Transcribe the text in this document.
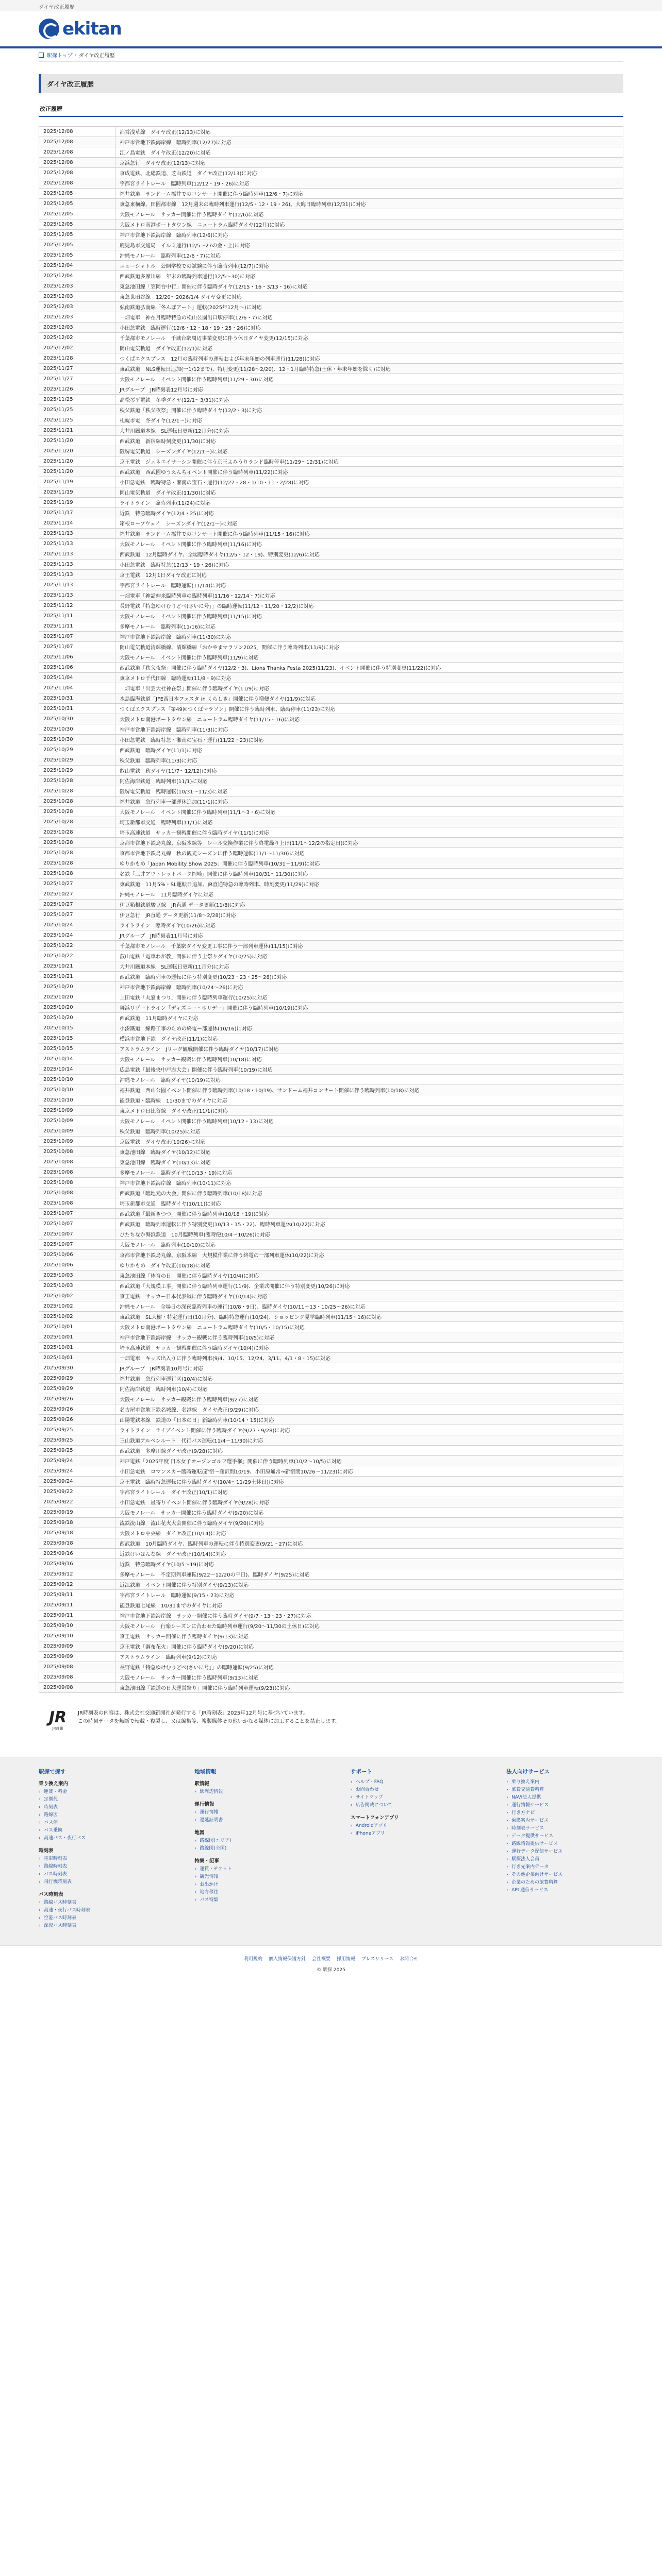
ダイヤ改正履歴
ekitan
駅探トップ › ダイヤ改正履歴
ダイヤ改正履歴
改正履歴
2025/12/08	都営浅草線　ダイヤ改正(12/13)に対応
2025/12/08	神戸市営地下鉄海岸線　臨時列車(12/27)に対応
2025/12/08	江ノ島電鉄　ダイヤ改正(12/20)に対応
2025/12/08	京浜急行　ダイヤ改正(12/13)に対応
2025/12/08	京成電鉄、北総鉄道、芝山鉄道　ダイヤ改正(12/13)に対応
2025/12/08	宇都宮ライトレール　臨時列車(12/12・19・26)に対応
2025/12/05	福井鉄道　サンドーム福井でのコンサート開催に伴う臨時列車(12/6・7)に対応
2025/12/05	東急東横線、田園都市線　12月週末の臨時列車運行(12/5・12・19・26)、大晦日臨時列車(12/31)に対応
2025/12/05	大阪モノレール　サッカー開催に伴う臨時ダイヤ(12/6)に対応
2025/12/05	大阪メトロ南港ポートタウン線　ニュートラム臨時ダイヤ(12月)に対応
2025/12/05	神戸市営地下鉄海岸線　臨時列車(12/6)に対応
2025/12/05	鹿児島市交通局　イルミ運行(12/5〜27の金・土)に対応
2025/12/05	沖縄モノレール　臨時列車(12/6・7)に対応
2025/12/04	ニューシャトル　公開学校での試験に伴う臨時列車(12/7)に対応
2025/12/04	西武鉄道多摩川線　年末の臨時列車運行(12/5〜30)に対応
2025/12/03	東急池田線「笠岡台中行」開催に伴う臨時ダイヤ(12/15・16・3/13・16)に対応
2025/12/03	東急世田谷線　12/20〜2026/1/4 ダイヤ変更に対応
2025/12/03	弘南鉄道弘南線「冬んぼアート」運転(2025年12月〜)に対応
2025/12/03	一畑電車　神在月臨時特急の松山公園出口駅停車(12/6・7)に対応
2025/12/03	小田急電鉄　臨時運行(12/6・12・18・19・25・26)に対応
2025/12/02	千葉都市モノレール　千城台駅周辺事業変更に伴う休日ダイヤ変更(12/15)に対応
2025/12/02	岡山電気軌道　ダイヤ改正(12/1)に対応
2025/11/28	つくばエクスプレス　12月の臨時列車の運転および年末年始の列車運行(11/28)に対応
2025/11/27	東武鉄道　NLS運転日追加(一1/12まで)、特別変更(11/28〜2/20)、12・1月臨時特急(土休・年末年始を除く)に対応
2025/11/27	大阪モノレール　イベント開催に伴う臨時列車(11/29・30)に対応
2025/11/26	JRグループ　JR時刻表12月号に対応
2025/11/25	高松琴平電鉄　冬季ダイヤ(12/1〜3/31)に対応
2025/11/25	秩父鉄道「秩父夜祭」開催に伴う臨時ダイヤ(12/2・3)に対応
2025/11/25	札幌市電　冬ダイヤ(12/1〜)に対応
2025/11/21	大井川鐵道本線　SL運転日更新(12月分)に対応
2025/11/20	西武鉄道　新宿線時刻変更(11/30)に対応
2025/11/20	阪堺電気軌道　シーズンダイヤ(12/1〜)に対応
2025/11/20	京王電鉄　ジェネエイサーシン開催に伴う京王よみうりランド臨時停車(11/29〜12/31)に対応
2025/11/20	西武鉄道　西武園ゆうえんちイベント開催に伴う臨時列車(11/22)に対応
2025/11/19	小田急電鉄　臨時特急・湘南の宝石・運行(12/27・28・1/10・11・2/28)に対応
2025/11/19	岡山電気軌道　ダイヤ改正(11/30)に対応
2025/11/19	ライトライン　臨時列車(11/24)に対応
2025/11/17	近鉄　特急臨時ダイヤ(12/4・25)に対応
2025/11/14	箱根ロープウェイ　シーズンダイヤ(12/1〜)に対応
2025/11/13	福井鉄道　サンドーム福井でのコンサート開催に伴う臨時列車(11/15・16)に対応
2025/11/13	大阪モノレール　イベント開催に伴う臨時列車(11/16)に対応
2025/11/13	西武鉄道　12月臨時ダイヤ、全場臨時ダイヤ(12/5・12・19)、特別変更(12/6)に対応
2025/11/13	小田急電鉄　臨時特急(12/13・19・26)に対応
2025/11/13	京王電鉄　12月1日ダイヤ改正に対応
2025/11/13	宇都宮ライトレール　臨時運転(11/14)に対応
2025/11/13	一畑電車「神話伸来臨時列車の臨時列車(11/16・12/14・7)に対応
2025/11/12	長野電鉄「特急ゆけむりどべ(さいに号」」の臨時運転(11/12・11/20・12/2)に対応
2025/11/11	大阪モノレール　イベント開催に伴う臨時列車(11/15)に対応
2025/11/11	多摩モノレール　臨時列車(11/16)に対応
2025/11/07	神戸市営地下鉄海岸線　臨時列車(11/30)に対応
2025/11/07	岡山電気軌道清輝橋線、清輝橋線「おかやまマラソン2025」開催に伴う臨時列車(11/9)に対応
2025/11/06	大阪モノレール　イベント開催に伴う臨時列車(11/9)に対応
2025/11/06	西武鉄道「秩父夜祭」開催に伴う臨時ダイヤ(12/2・3)、Lions Thanks Festa 2025(11/23)、イベント開催に伴う特別変更(11/22)に対応
2025/11/04	東京メトロ千代田線　臨時運転(11/8・9)に対応
2025/11/04	一畑電車「出雲大社神在祭」開催に伴う臨時ダイヤ(11/9)に対応
2025/10/31	水島臨海鉄道「JFE西日本フェスタ in くらしき」開催に伴う増便ダイヤ(11/9)に対応
2025/10/31	つくばエクスプレス「第49回つくばマラソン」開催に伴う臨時列車、臨時停車(11/23)に対応
2025/10/30	大阪メトロ南港ポートタウン線　ニュートラム臨時ダイヤ(11/15・16)に対応
2025/10/30	神戸市営地下鉄海岸線　臨時列車(11/3)に対応
2025/10/30	小田急電鉄　臨時特急・湘南の宝石・運行(11/22・23)に対応
2025/10/29	西武鉄道　臨時ダイヤ(11/1)に対応
2025/10/29	秩父鉄道　臨時列車(11/3)に対応
2025/10/29	叡山電鉄　秋ダイヤ(11/7〜12/12)に対応
2025/10/28	阿佐海岸鉄道　臨時列車(11/1)に対応
2025/10/28	阪堺電気軌道　臨時運転(10/31〜11/3)に対応
2025/10/28	福井鉄道　急行列車一部運休追加(11/1)に対応
2025/10/28	大阪モノレール　イベント開催に伴う臨時列車(11/1〜3・6)に対応
2025/10/28	埼玉新都市交通　臨時列車(11/1)に対応
2025/10/28	埼玉高速鉄道　サッカー観戦開催に伴う臨時ダイヤ(11/1)に対応
2025/10/28	京都市営地下鉄烏丸線、京阪本線等　レール交換作業に伴う終電繰り上げ(11/1〜12/2の指定日)に対応
2025/10/28	京都市営地下鉄烏丸線　秋の観光シーズンに伴う臨時運転(11/1〜11/30)に対応
2025/10/28	ゆりかもめ「Japan Mobility Show 2025」開催に伴う臨時列車(10/31〜11/9)に対応
2025/10/28	名鉄「三井アウトレットパーク岡崎」開催に伴う臨時列車(10/31〜11/30)に対応
2025/10/27	東武鉄道　11月5%・SL運転日追加、JR直通特急の臨時列車、時刻変更(11/29)に対応
2025/10/27	沖縄モノレール　11月臨時ダイヤに対応
2025/10/27	伊豆箱根鉄道駿豆線　JR直通 データ更新(11/8)に対応
2025/10/27	伊豆急行　JR直通 データ更新(11/8〜2/28)に対応
2025/10/24	ライトライン　臨時ダイヤ(10/26)に対応
2025/10/24	JRグループ　JR時刻表11月号に対応
2025/10/22	千葉都市モノレール　千葉駅ダイヤ変更工事に伴う一部列車運休(11/15)に対応
2025/10/22	叡山電鉄「電車わが教」開催に伴う土祭りダイヤ(10/25)に対応
2025/10/21	大井川鐵道本線　SL運転日更新(11月分)に対応
2025/10/21	西武鉄道　臨時列車の運転に伴う特別変更(10/23・23・25〜28)に対応
2025/10/20	神戸市営地下鉄海岸線　臨時列車(10/24〜26)に対応
2025/10/20	上田電鉄「丸窓まつり」開催に伴う臨時列車運行(10/25)に対応
2025/10/20	舞浜リゾートライン「ディズニー・ホリデー」開催に伴う臨時列車(10/19)に対応
2025/10/20	西武鉄道　11月臨時ダイヤに対応
2025/10/15	小湊鐵道　線路工事のための終電ー部運休(10/16)に対応
2025/10/15	横浜市営地下鉄　ダイヤ改正(11/1)に対応
2025/10/15	アストラムライン　Jリーグ観戦開催に伴う臨時ダイヤ(10/17)に対応
2025/10/14	大阪モノレール　サッカー観戦に伴う臨時列車(10/18)に対応
2025/10/14	広島電鉄「最後央中戸志大会」開催に伴う臨時列車(10/19)に対応
2025/10/10	沖縄モノレール　臨時ダイヤ(10/19)に対応
2025/10/10	福井鉄道　西山公園イベント開催に伴う臨時列車(10/18・10/19)、サンドーム福井コンサート開催に伴う臨時列車(10/18)に対応
2025/10/10	能登鉄道・臨時線　11/30までのダイヤに対応
2025/10/09	東京メトロ日比谷線　ダイヤ改正(11/1)に対応
2025/10/09	大阪モノレール　イベント開催に伴う臨時列車(10/12・13)に対応
2025/10/09	秩父鉄道　臨時列車(10/25)に対応
2025/10/09	京阪電鉄　ダイヤ改正(10/26)に対応
2025/10/08	東急池田線　臨時ダイヤ(10/12)に対応
2025/10/08	東急池田線　臨時ダイヤ(10/13)に対応
2025/10/08	多摩モノレール　臨時ダイヤ(10/13・19)に対応
2025/10/08	神戸市営地下鉄海岸線　臨時列車(10/11)に対応
2025/10/08	西武鉄道「臨地元の大会」開催に伴う臨時列車(10/18)に対応
2025/10/08	埼玉新都市交通　臨時ダイヤ(10/11)に対応
2025/10/07	西武鉄道「最新きつつ」開催に伴う臨時列車(10/18・19)に対応
2025/10/07	西武鉄道　臨時列車運転に伴う特別変更(10/13・15・22)、臨時列車運休(10/22)に対応
2025/10/07	ひたちなか海浜鉄道　10月臨時列車(臨時便10/4〜10/26)に対応
2025/10/07	大阪モノレール　臨時列車(10/10)に対応
2025/10/06	京都市営地下鉄烏丸線、京阪本線　大規模作業に伴う終電の一部列車運休(10/22)に対応
2025/10/06	ゆりかもめ　ダイヤ改正(10/18)に対応
2025/10/03	東急池田線「体育の日」開催に伴う臨時ダイヤ(10/4)に対応
2025/10/03	西武鉄道「大規模工事」開催に伴う臨時列車運行(11/9)、企業式開催に伴う特別変更(10/26)に対応
2025/10/02	京王電鉄　サッカー日本代表戦に伴う臨時ダイヤ(10/14)に対応
2025/10/02	沖縄モノレール　全場日の深夜臨時列車の運行(10/8・9日)、臨時ダイヤ(10/11〜13・10/25〜26)に対応
2025/10/02	東武鉄道　SL大樹・特定運行日(10月分)、臨時特急運行(10/24)、ショッピング見学臨時列車(11/15・16)に対応
2025/10/01	大阪メトロ南港ポートタウン線　ニュートラム臨時ダイヤ(10/5・10/15)に対応
2025/10/01	神戸市営地下鉄海岸線　サッカー観戦に伴う臨時列車(10/5)に対応
2025/10/01	埼玉高速鉄道　サッカー観戦開催に伴う臨時ダイヤ(10/4)に対応
2025/10/01	一畑電車　キッズ出入りに伴う臨時列車(9/4、10/15、12/24、3/11、4/1・8・15)に対応
2025/09/30	JRグループ　JR時刻表10月号に対応
2025/09/29	福井鉄道　急行列車運行区(10/4)に対応
2025/09/29	阿佐海岸鉄道　臨時列車(10/4)に対応
2025/09/26	大阪モノレール　サッカー観戦に伴う臨時列車(9/27)に対応
2025/09/26	名古屋市営地下鉄名城線、名港線　ダイヤ改正(9/29)に対応
2025/09/26	山陽電鉄本線　鉄道の「日本の日」新臨時列車(10/14・15)に対応
2025/09/25	ライトライン　ライブイベント開催に伴う臨時ダイヤ(9/27・9/28)に対応
2025/09/25	三山鉄道アルペンルート　代行バス運転(11/4〜11/30)に対応
2025/09/25	西武鉄道　多摩川線ダイヤ改正(9/28)に対応
2025/09/24	神戸電鉄「2025年度 日本女子オープンゴルフ選手権」開催に伴う臨時列車(10/2〜10/5)に対応
2025/09/24	小田急電鉄　ロマンスカー臨時運転(新宿〜藤沢間10/19、小田原通常→新宿間10/26〜11/23)に対応
2025/09/24	京王電鉄　臨時特急運転に伴う臨時ダイヤ(10/4〜11/29土休日)に対応
2025/09/22	宇都宮ライトレール　ダイヤ改正(10/1)に対応
2025/09/22	小田急電鉄　最寄りイベント開催に伴う臨時ダイヤ(9/28)に対応
2025/09/19	大阪モノレール　サッカー開催に伴う臨時ダイヤ(9/20)に対応
2025/09/18	流鉄流山線　流山花火大会開催に伴う臨時ダイヤ(9/20)に対応
2025/09/18	大阪メトロ中央線　ダイヤ改正(10/14)に対応
2025/09/18	西武鉄道　10月臨時ダイヤ、臨時列車の運転に伴う特別変更(9/21・27)に対応
2025/09/16	近鉄けいはんな線　ダイヤ改正(10/14)に対応
2025/09/16	近鉄　特急臨時ダイヤ(10/5〜19)に対応
2025/09/12	多摩モノレール　不定期列車運転(9/22〜12/20の平日)、臨時ダイヤ(9/25)に対応
2025/09/12	近江鉄道　イベント開催に伴う特別ダイヤ(9/13)に対応
2025/09/11	宇都宮ライトレール　臨時運転(9/15・23)に対応
2025/09/11	能登鉄道七尾線　10/31までのダイヤに対応
2025/09/11	神戸市営地下鉄海岸線　サッカー開催に伴う臨時ダイヤ(9/7・13・23・27)に対応
2025/09/10	大阪モノレール　行楽シーズンに合わせた臨時列車運行(9/20〜11/30の土休日)に対応
2025/09/10	京王電鉄　サッカー開催に伴う臨時ダイヤ(9/13)に対応
2025/09/09	京王電鉄「調布花火」開催に伴う臨時ダイヤ(9/20)に対応
2025/09/09	アストラムライン　臨時列車(9/12)に対応
2025/09/08	長野電鉄「特急ゆけむりどべ(さいに号」」の臨時運転(9/25)に対応
2025/09/08	大阪モノレール　サッカー開催に伴う臨時列車(9/13)に対応
2025/09/08	東急池田線「鉄道の日大運営祭り」開催に伴う臨時列車運転(9/23)に対応
JR
JR許諾
JR時刻表の内容は、株式会社交通新聞社が発行する「JR時刻表」2025年12月号に基づいています。
この時刻データを無断で転載・複製し、又は編集等、複製媒体その他いかなる媒体に加工することを禁止します。
駅探で探す
乗り換え案内
› 運賃・料金
› 定期代
› 時刻表
› 路線図
› バス停
› バス乗換
› 高速バス・夜行バス
時刻表
› 電車時刻表
› 路線時刻表
› バス時刻表
› 飛行機時刻表
バス時刻表
› 路線バス時刻表
› 高速・夜行バス時刻表
› 空港バス時刻表
› 深夜バス時刻表
地域情報
駅情報
› 駅周辺情報
運行情報
› 運行情報
› 遅延証明書
地図
› 路線図(エリア)
› 路線図(全国)
特集・記事
› 運賃・チケット
› 観光情報
› お出かけ
› 地方移住
› バス特集
サポート
› ヘルプ・FAQ
› お問合わせ
› サイトマップ
› 広告掲載について
スマートフォンアプリ
› Androidアプリ
› iPhoneアプリ
法人向けサービス
› 乗り換え案内
› 旅費交通費精算
› NAVI法人提供
› 運行情報サービス
› 行き方ナビ
› 乗換案内サービス
› 時刻表サービス
› データ提供サービス
› 路線情報提供サービス
› 運行データ配信サービス
› 駅探法人会員
› 行き先案内データ
› その他企業向けサービス
› 企業のための旅費精算
› API 通信サービス
利用規約 個人情報保護方針 会社概要 採用情報 プレスリリース お問合せ
© 駅探 2025
